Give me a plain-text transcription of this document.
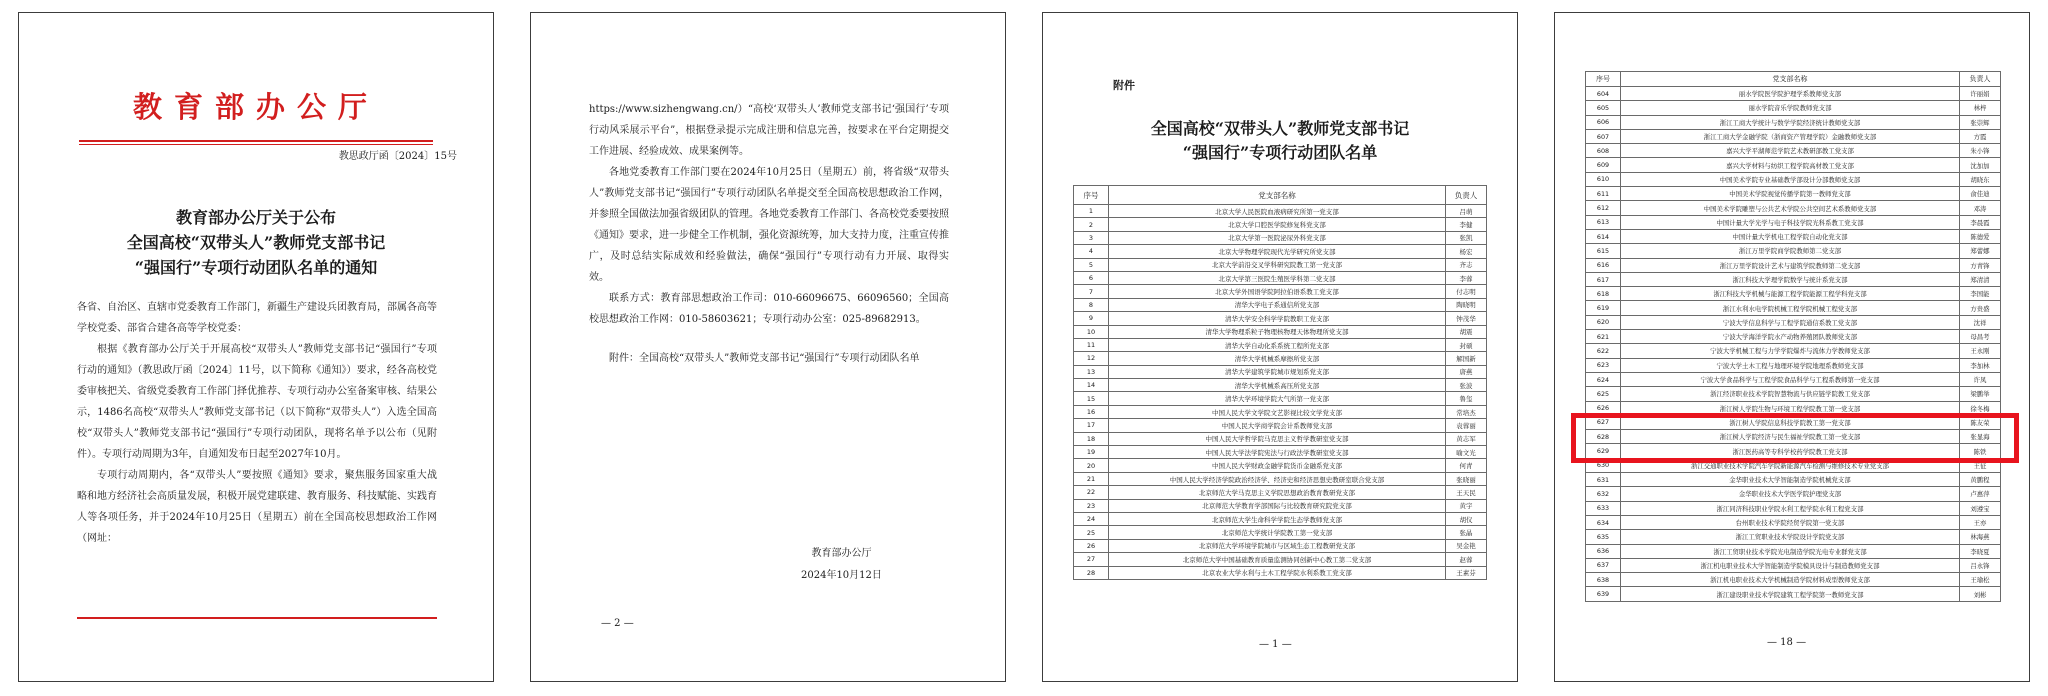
教育部办公厅
教思政厅函〔2024〕15号
教育部办公厅关于公布
全国高校“双带头人”教师党支部书记
“强国行”专项行动团队名单的通知

各省、自治区、直辖市党委教育工作部门，新疆生产建设兵团教育局，部属各高等学校党委、部省合建各高等学校党委：

根据《教育部办公厅关于开展高校“双带头人”教师党支部书记“强国行”专项行动的通知》（教思政厅函〔2024〕11号，以下简称《通知》）要求，经各高校党委审核把关、省级党委教育工作部门择优推荐、专项行动办公室备案审核、结果公示，1486名高校“双带头人”教师党支部书记（以下简称“双带头人”）入选全国高校“双带头人”教师党支部书记“强国行”专项行动团队，现将名单予以公布（见附件）。专项行动周期为3年，自通知发布日起至2027年10月。

专项行动周期内，各“双带头人”要按照《通知》要求，聚焦服务国家重大战略和地方经济社会高质量发展，积极开展党建联建、教育服务、科技赋能、实践育人等各项任务，并于2024年10月25日（星期五）前在全国高校思想政治工作网（网址：

https://www.sizhengwang.cn/）“高校‘双带头人’教师党支部书记‘强国行’专项行动风采展示平台”，根据登录提示完成注册和信息完善，按要求在平台定期提交工作进展、经验成效、成果案例等。

各地党委教育工作部门要在2024年10月25日（星期五）前，将省级“双带头人”教师党支部书记“强国行”专项行动团队名单提交至全国高校思想政治工作网，并参照全国做法加强省级团队的管理。各地党委教育工作部门、各高校党委要按照《通知》要求，进一步健全工作机制，强化资源统筹，加大支持力度，注重宣传推广，及时总结实际成效和经验做法，确保“强国行”专项行动有力开展、取得实效。

联系方式：教育部思想政治工作司：010-66096675、66096560；全国高校思想政治工作网：010-58603621；专项行动办公室：025-89682913。

附件：全国高校“双带头人”教师党支部书记“强国行”专项行动团队名单

教育部办公厅
2024年10月12日
— 2 —
附件
全国高校“双带头人”教师党支部书记
“强国行”专项行动团队名单
序号	党支部名称	负责人
1	北京大学人民医院血液病研究所第一党支部	吕萌
2	北京大学口腔医学院修复科党支部	李健
3	北京大学第一医院泌尿外科党支部	张凯
4	北京大学物理学院现代光学研究所党支部	杨宏
5	北京大学前沿交叉学科研究院教工第一党支部	齐志
6	北京大学第三医院生殖医学科第二党支部	李蓉
7	北京大学外国语学院阿拉伯语系教工党支部	付志明
8	清华大学电子系通信所党支部	陶晓明
9	清华大学安全科学学院教职工党支部	钟茂华
10	清华大学物理系粒子物理核物理天体物理所党支部	胡震
11	清华大学自动化系系统工程所党支部	封硕
12	清华大学机械系摩擦所党支部	解国新
13	清华大学建筑学院城市规划系党支部	唐燕
14	清华大学机械系高压所党支部	张波
15	清华大学环境学院大气所第一党支部	鲁玺
16	中国人民大学文学院文艺影视比较文学党支部	常培杰
17	中国人民大学商学院会计系教师党支部	袁蓉丽
18	中国人民大学哲学院马克思主义哲学教研室党支部	黄志军
19	中国人民大学法学院宪法与行政法学教研室党支部	喻文光
20	中国人民大学财政金融学院货币金融系党支部	何青
21	中国人民大学经济学院政治经济学、经济史和经济思想史教研室联合党支部	张晓丽
22	北京师范大学马克思主义学院思想政治教育教研党支部	王天民
23	北京师范大学教育学部国际与比较教育研究院党支部	黄宇
24	北京师范大学生命科学学院生态学教师党支部	胡仪
25	北京师范大学统计学院教工第一党支部	张晶
26	北京师范大学环境学院城市与区域生态工程教研党支部	吴金艳
27	北京师范大学中国基础教育质量监测协同创新中心教工第二党支部	赵蓉
28	北京农业大学水利与土木工程学院水利系教工党支部	王素芬
— 1 —
序号	党支部名称	负责人
604	丽水学院医学院护理学系教师党支部	许丽娟
605	丽水学院音乐学院教师党支部	林梓
606	浙江工商大学统计与数学学院经济统计教师党支部	张崇辉
607	浙江工商大学金融学院（浙商资产管理学院）金融教师党支部	方霞
608	嘉兴大学平湖师范学院艺术教研部教工党支部	朱小锋
609	嘉兴大学材料与纺织工程学院高材教工党支部	沈加加
610	中国美术学院专业基础教学部设计分部教师党支部	胡晓东
611	中国美术学院视觉传播学院第一教师党支部	俞佳迪
612	中国美术学院雕塑与公共艺术学院公共空间艺术系教师党支部	邓涛
613	中国计量大学光学与电子科技学院光科系教工党支部	李晨霞
614	中国计量大学机电工程学院自动化党支部	陈德爱
615	浙江万里学院商学院教师第二党支部	郑蕾娜
616	浙江万里学院设计艺术与建筑学院教师第二党支部	方青锋
617	浙江科技大学理学院数学与统计系党支部	郑清清
618	浙江科技大学机械与能源工程学院能源工程学科党支部	李国能
619	浙江水利水电学院机械工程学院机械工程党支部	方贵盛
620	宁波大学信息科学与工程学院通信系教工党支部	沈祥
621	宁波大学海洋学院水产动物养殖团队教师党支部	母昌考
622	宁波大学机械工程与力学学院爆炸与流体力学教师党支部	王永刚
623	宁波大学土木工程与地理环境学院地理系教师党支部	李加林
624	宁波大学食品科学与工程学院食品科学与工程系教师第一党支部	许凤
625	浙江经济职业技术学院智慧物流与供应链学院教工党支部	梁鹏举
626	浙江树人学院生物与环境工程学院教工第一党支部	徐冬梅
627	浙江树人学院信息科技学院教工第一党支部	陈友荣
628	浙江树人学院经济与民生福祉学院教工第一党支部	张显海
629	浙江医药高等专科学校药学院教工党支部	陈铁
630	浙江交通职业技术学院汽车学院新能源汽车检测与维修技术专业党支部	王征
631	金华职业技术大学智能制造学院机械党支部	黄鹏程
632	金华职业技术大学医学院护理党支部	卢惠萍
633	浙江同济科技职业学院水利工程学院水利工程党支部	刘遵宝
634	台州职业技术学院经贸学院第一党支部	王亦
635	浙江工贸职业技术学院设计学院党支部	林海燕
636	浙江工贸职业技术学院光电制造学院光电专业群党支部	李晓夏
637	浙江机电职业技术大学智能制造学院模具设计与制造教师党支部	吕永锋
638	浙江机电职业技术大学机械制造学院材料成型教师党支部	王瑜松
639	浙江建设职业技术学院建筑工程学院第一教师党支部	刘彬
— 18 —
